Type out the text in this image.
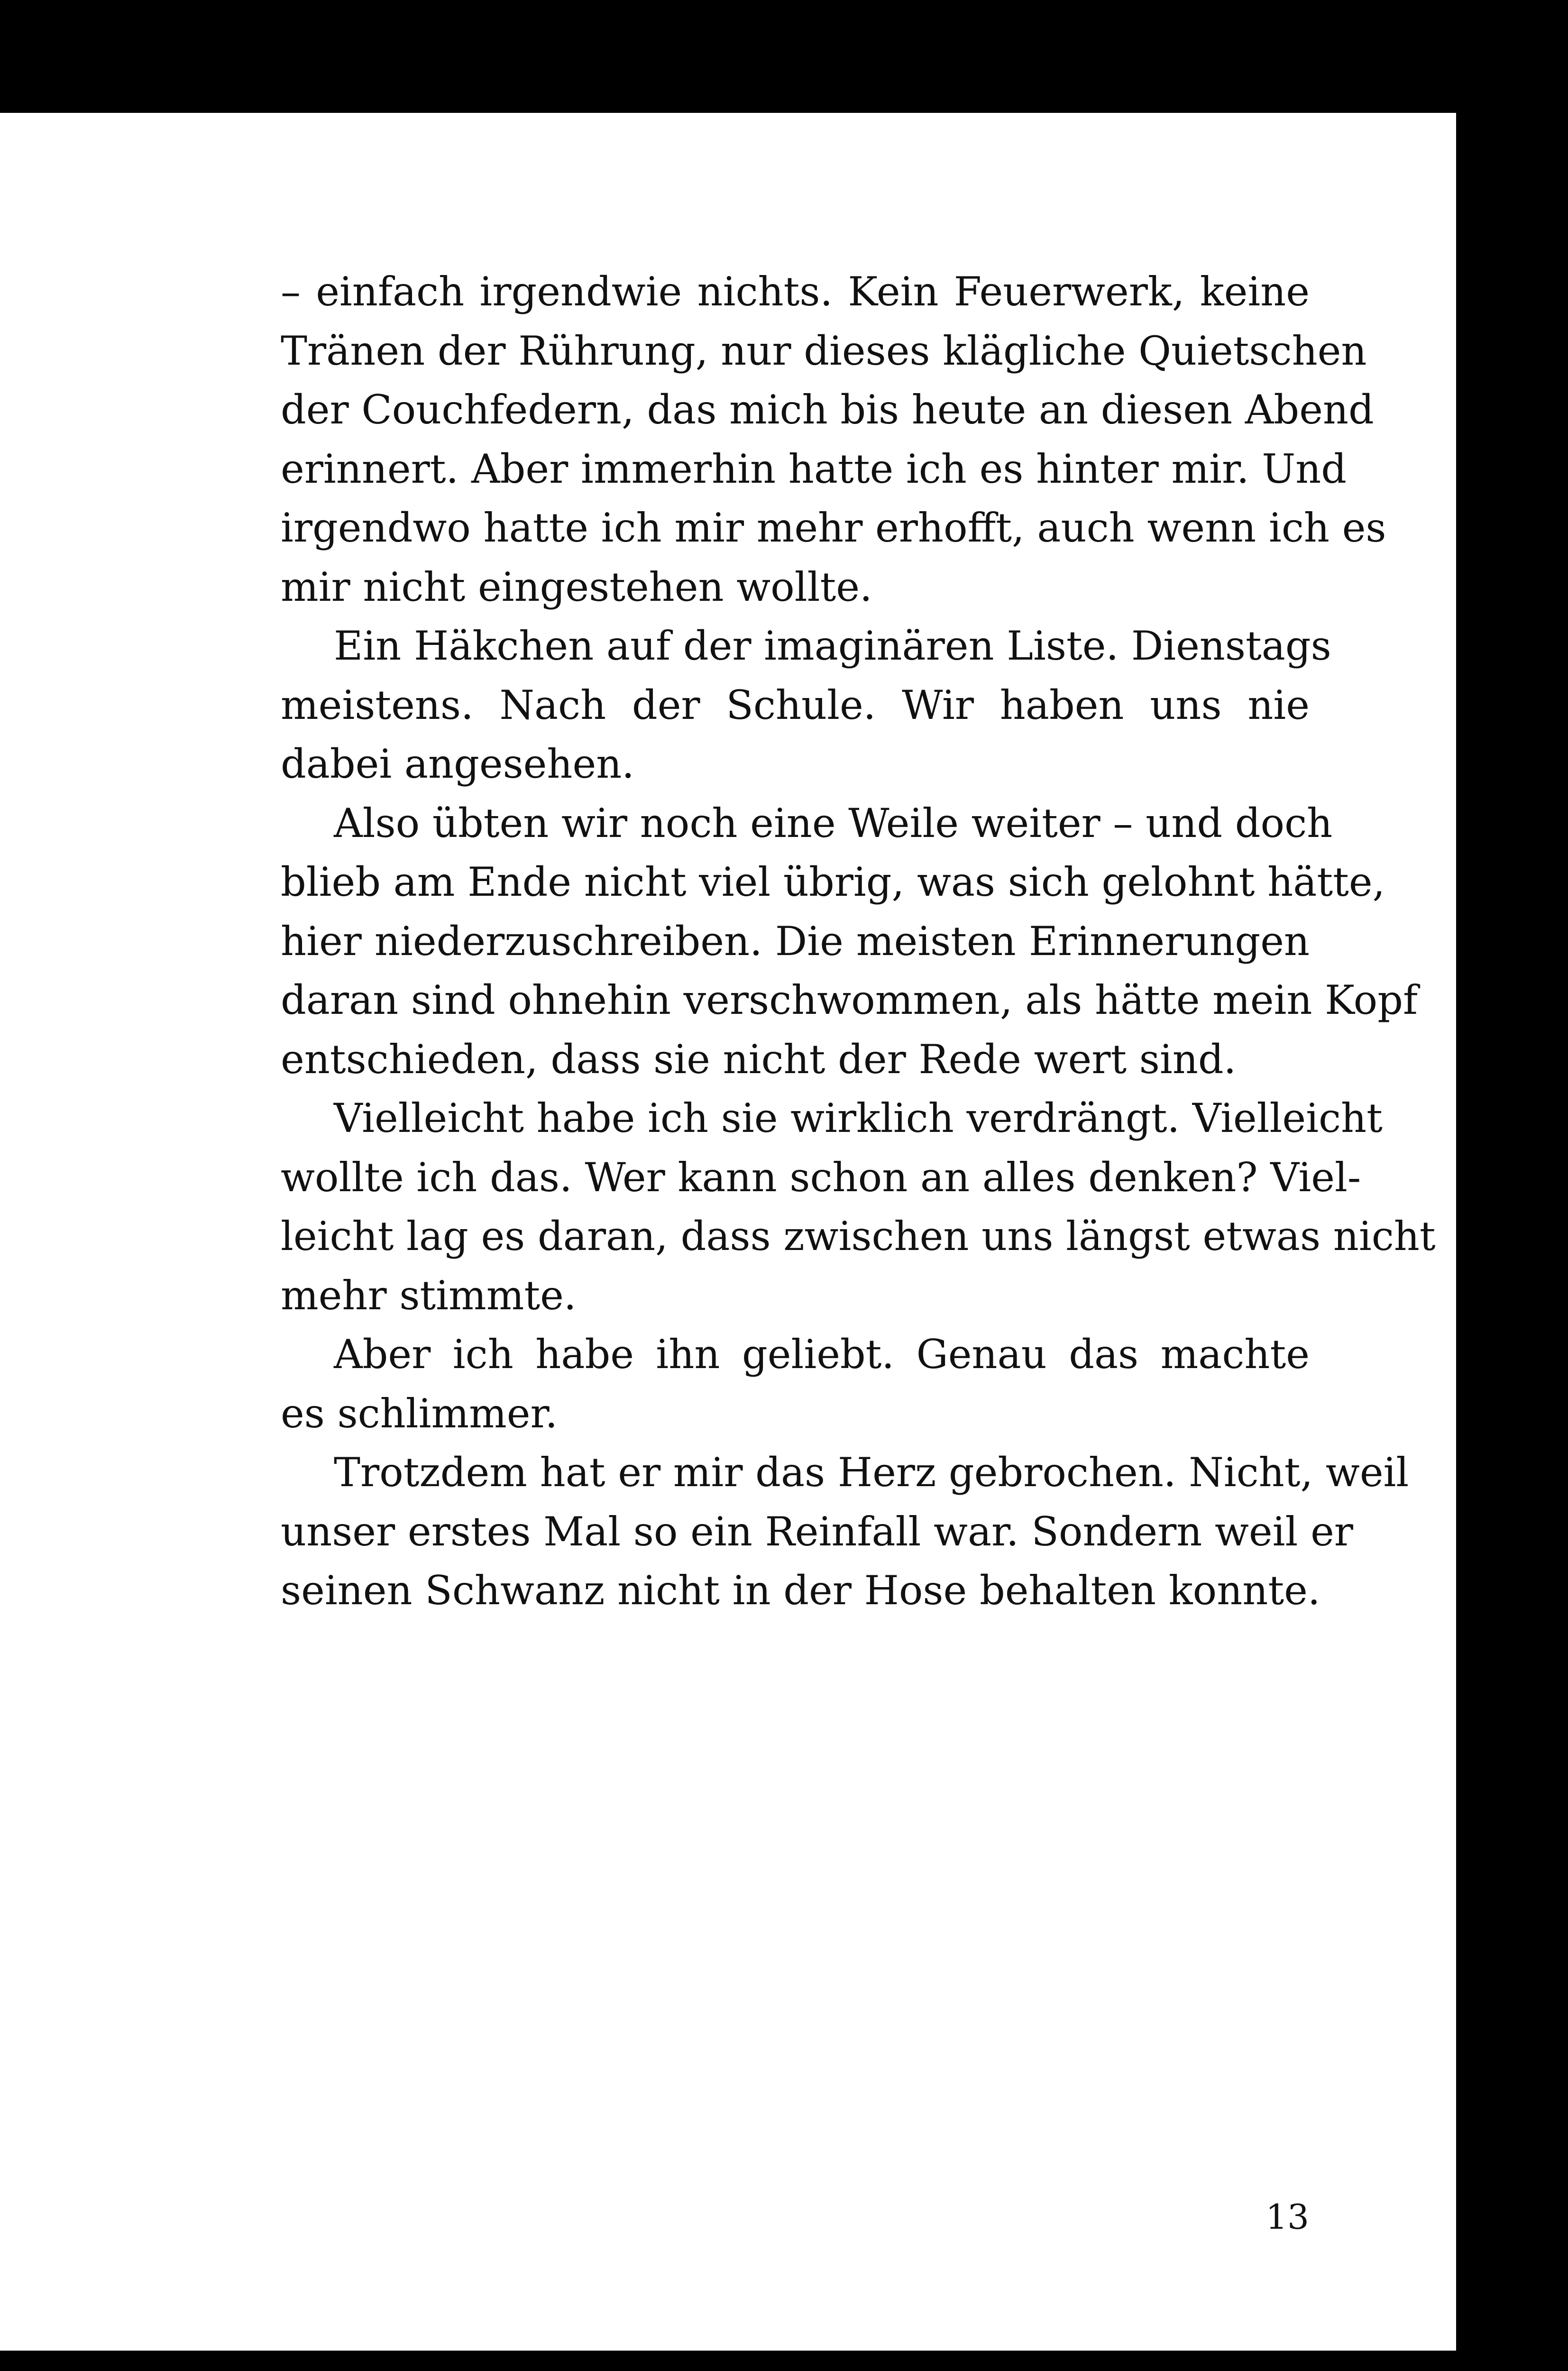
– einfach irgendwie nichts. Kein Feuerwerk, keine
Tränen der Rührung, nur dieses klägliche Quietschen
der Couchfedern, das mich bis heute an diesen Abend
erinnert. Aber immerhin hatte ich es hinter mir. Und
irgendwo hatte ich mir mehr erhofft, auch wenn ich es
mir nicht eingestehen wollte.
Ein Häkchen auf der imaginären Liste. Dienstags
meistens. Nach der Schule. Wir haben uns nie
dabei angesehen.
Also übten wir noch eine Weile weiter – und doch
blieb am Ende nicht viel übrig, was sich gelohnt hätte,
hier niederzuschreiben. Die meisten Erinnerungen
daran sind ohnehin verschwommen, als hätte mein Kopf
entschieden, dass sie nicht der Rede wert sind.
Vielleicht habe ich sie wirklich verdrängt. Vielleicht
wollte ich das. Wer kann schon an alles denken? Viel-
leicht lag es daran, dass zwischen uns längst etwas nicht
mehr stimmte.
Aber ich habe ihn geliebt. Genau das machte
es schlimmer.
Trotzdem hat er mir das Herz gebrochen. Nicht, weil
unser erstes Mal so ein Reinfall war. Sondern weil er
seinen Schwanz nicht in der Hose behalten konnte.
13
